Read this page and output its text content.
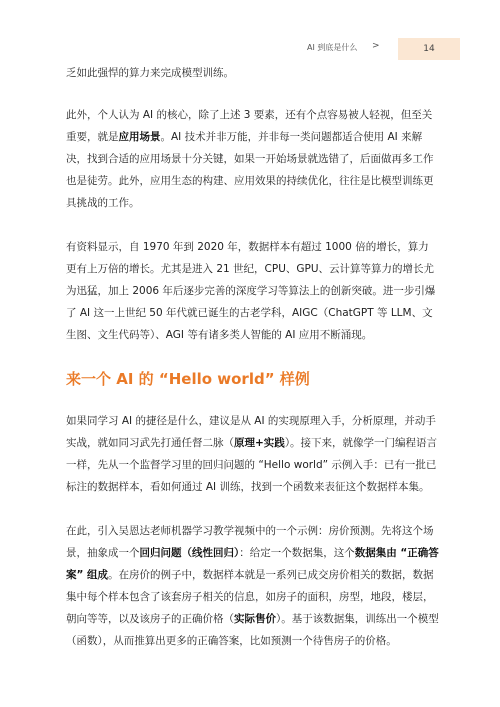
AI 到底是什么 >	14

乏如此强悍的算力来完成模型训练。

此外，个人认为 AI 的核心，除了上述 3 要素，还有个点容易被人轻视，但至关重要，就是应用场景。AI 技术并非万能，并非每一类问题都适合使用 AI 来解决，找到合适的应用场景十分关键，如果一开始场景就选错了，后面做再多工作也是徒劳。此外，应用生态的构建、应用效果的持续优化，往往是比模型训练更具挑战的工作。

有资料显示，自 1970 年到 2020 年，数据样本有超过 1000 倍的增长，算力更有上万倍的增长。尤其是进入 21 世纪，CPU、GPU、云计算等算力的增长尤为迅猛，加上 2006 年后逐步完善的深度学习等算法上的创新突破。进一步引爆了 AI 这一上世纪 50 年代就已诞生的古老学科，AIGC（ChatGPT 等 LLM、文生图、文生代码等）、AGI 等有诸多类人智能的 AI 应用不断涌现。

来一个 AI 的 “Hello world” 样例

如果同学习 AI 的捷径是什么，建议是从 AI 的实现原理入手，分析原理，并动手实战，就如同习武先打通任督二脉（原理+实践）。接下来，就像学一门编程语言一样，先从一个监督学习里的回归问题的 “Hello world” 示例入手：已有一批已标注的数据样本，看如何通过 AI 训练，找到一个函数来表征这个数据样本集。

在此，引入吴恩达老师机器学习教学视频中的一个示例：房价预测。先将这个场景，抽象成一个回归问题（线性回归）：给定一个数据集，这个数据集由 “正确答案” 组成。在房价的例子中，数据样本就是一系列已成交房价相关的数据，数据集中每个样本包含了该套房子相关的信息，如房子的面积，房型，地段，楼层，朝向等等，以及该房子的正确价格（实际售价）。基于该数据集，训练出一个模型（函数），从而推算出更多的正确答案，比如预测一个待售房子的价格。
